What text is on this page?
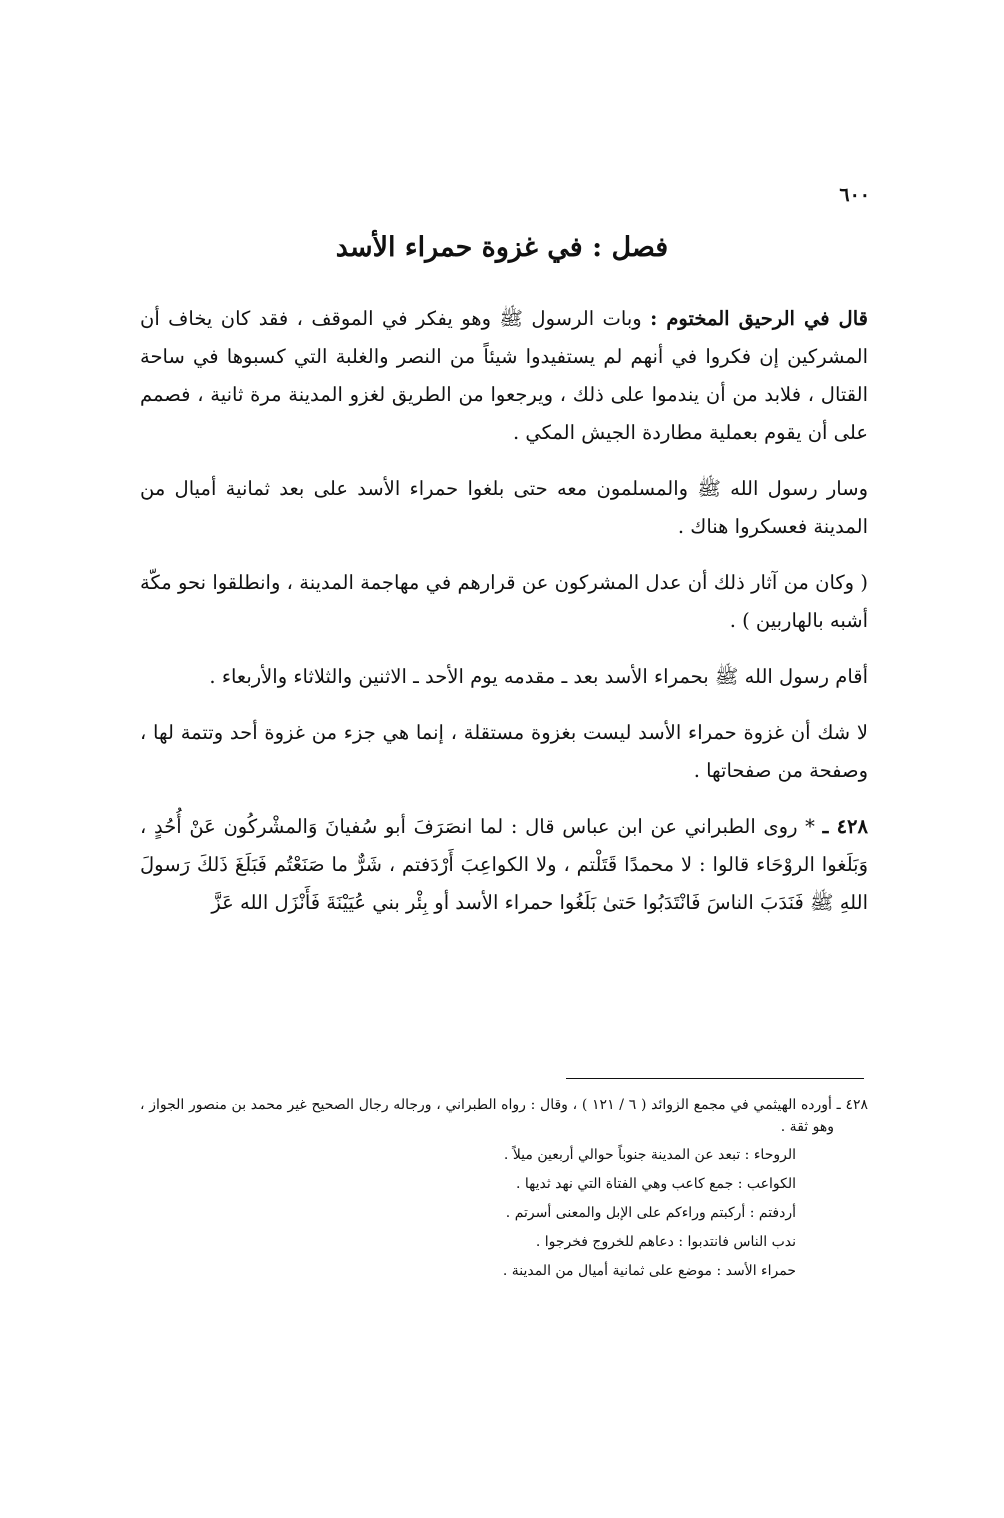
٦٠٠
فصل : في غزوة حمراء الأسد

قال في الرحيق المختوم : وبات الرسول ﷺ وهو يفكر في الموقف ، فقد كان يخاف أن المشركين إن فكروا في أنهم لم يستفيدوا شيئاً من النصر والغلبة التي كسبوها في ساحة القتال ، فلابد من أن يندموا على ذلك ، ويرجعوا من الطريق لغزو المدينة مرة ثانية ، فصمم على أن يقوم بعملية مطاردة الجيش المكي .

وسار رسول الله ﷺ والمسلمون معه حتى بلغوا حمراء الأسد على بعد ثمانية أميال من المدينة فعسكروا هناك .

( وكان من آثار ذلك أن عدل المشركون عن قرارهم في مهاجمة المدينة ، وانطلقوا نحو مكّة أشبه بالهاربين ) .

أقام رسول الله ﷺ بحمراء الأسد بعد ـ مقدمه يوم الأحد ـ الاثنين والثلاثاء والأربعاء .

لا شك أن غزوة حمراء الأسد ليست بغزوة مستقلة ، إنما هي جزء من غزوة أحد وتتمة لها ، وصفحة من صفحاتها .

٤٢٨ ـ * روى الطبراني عن ابن عباس قال : لما انصَرَفَ أبو سُفيانَ وَالمشْركُون عَنْ أُحُدٍ ، وَبَلَغوا الروْحَاء قالوا : لا محمدًا قَتَلْتم ، ولا الكواعِبَ أَرْدَفتم ، شَرٌّ ما صَنَعْتُم فَبَلَغَ ذَلكَ رَسولَ اللهِ ﷺ فَنَدَبَ الناسَ فَانْتَدَبُوا حَتىٰ بَلَغُوا حمراء الأسد أو بِئْر بني عُيَيْنَةَ فَأَنْزَل الله عَزَّ

٤٢٨ ـ أورده الهيثمي في مجمع الزوائد ( ٦ / ١٢١ ) ، وقال : رواه الطبراني ، ورجاله رجال الصحيح غير محمد بن منصور الجواز ، وهو ثقة .

الروحاء : تبعد عن المدينة جنوباً حوالي أربعين ميلاً .

الكواعب : جمع كاعب وهي الفتاة التي نهد ثديها .

أردفتم : أركبتم وراءكم على الإبل والمعنى أسرتم .

ندب الناس فانتدبوا : دعاهم للخروج فخرجوا .

حمراء الأسد : موضع على ثمانية أميال من المدينة .
